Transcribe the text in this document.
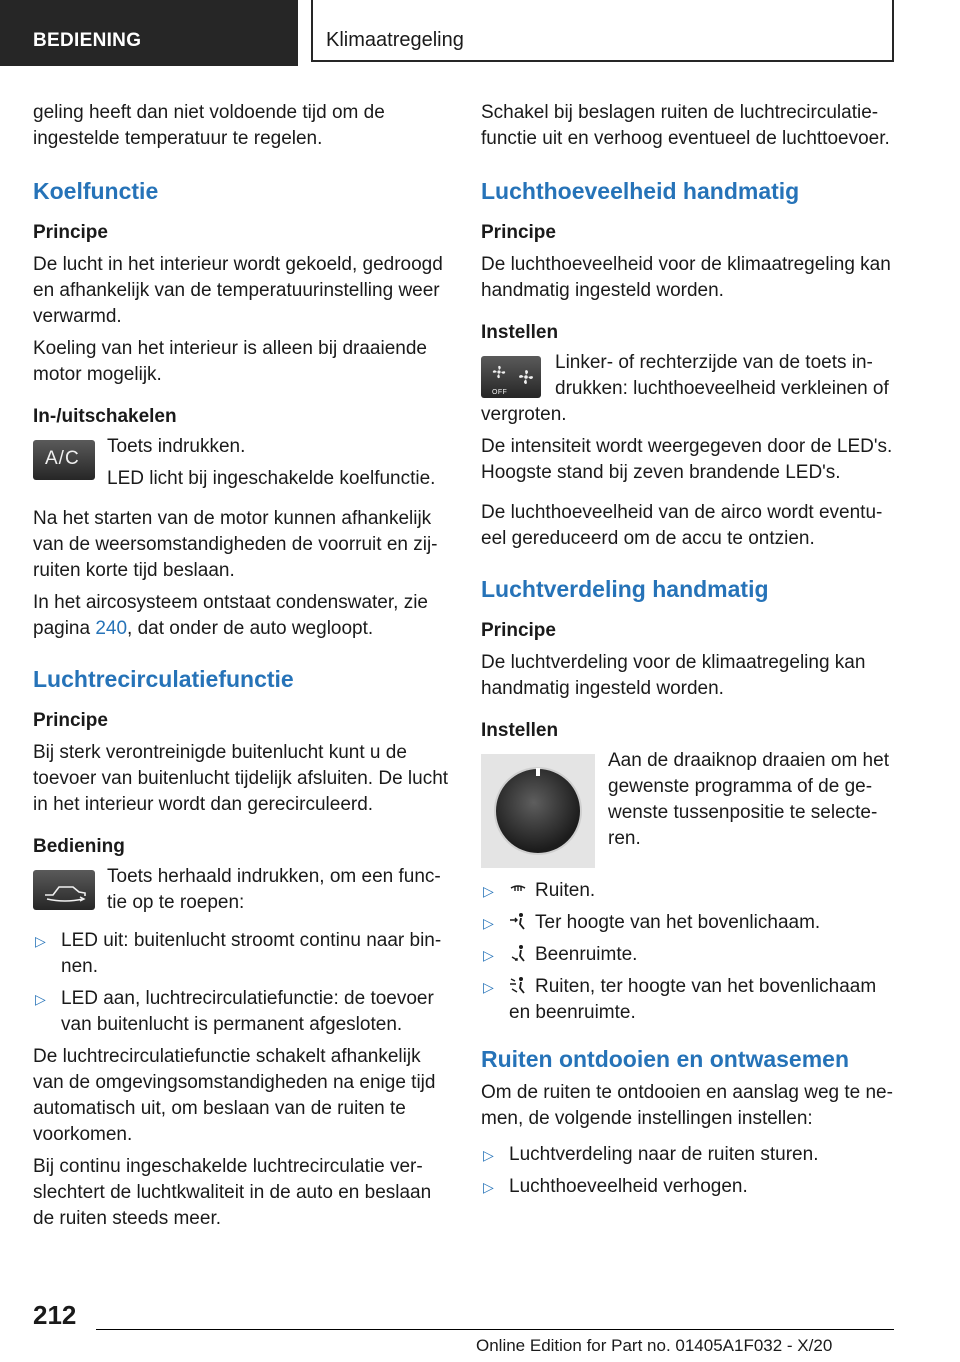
BEDIENING	Klimaatregeling

geling heeft dan niet voldoende tijd om de ingestelde temperatuur te regelen.

Koelfunctie

Principe

De lucht in het interieur wordt gekoeld, gedroogd en afhankelijk van de temperatuurinstelling weer verwarmd.

Koeling van het interieur is alleen bij draaiende motor mogelijk.

In-/uitschakelen

A/C

Toets indrukken.

LED licht bij ingeschakelde koelfunctie.

Na het starten van de motor kunnen afhankelijk van de weersomstandigheden de voorruit en zij-ruiten korte tijd beslaan.

In het aircosysteem ontstaat condenswater, zie pagina 240, dat onder de auto wegloopt.

Luchtrecirculatiefunctie

Principe

Bij sterk verontreinigde buitenlucht kunt u de toevoer van buitenlucht tijdelijk afsluiten. De lucht in het interieur wordt dan gerecirculeerd.

Bediening

Toets herhaald indrukken, om een func-tie op te roepen:

▷ LED uit: buitenlucht stroomt continu naar bin-nen.
▷ LED aan, luchtrecirculatiefunctie: de toevoer van buitenlucht is permanent afgesloten.

De luchtrecirculatiefunctie schakelt afhankelijk van de omgevingsomstandigheden na enige tijd automatisch uit, om beslaan van de ruiten te voorkomen.

Bij continu ingeschakelde luchtrecirculatie ver-slechtert de luchtkwaliteit in de auto en beslaan de ruiten steeds meer.

Schakel bij beslagen ruiten de luchtrecirculatie-functie uit en verhoog eventueel de luchttoevoer.

Luchthoeveelheid handmatig

Principe

De luchthoeveelheid voor de klimaatregeling kan handmatig ingesteld worden.

Instellen

OFF

Linker- of rechterzijde van de toets in-drukken: luchthoeveelheid verkleinen of vergroten.

De intensiteit wordt weergegeven door de LED's. Hoogste stand bij zeven brandende LED's.

De luchthoeveelheid van de airco wordt eventu-eel gereduceerd om de accu te ontzien.

Luchtverdeling handmatig

Principe

De luchtverdeling voor de klimaatregeling kan handmatig ingesteld worden.

Instellen

Aan de draaiknop draaien om het gewenste programma of de ge-wenste tussenpositie te selecte-ren.

▷ Ruiten.
▷ Ter hoogte van het bovenlichaam.
▷ Beenruimte.
▷ Ruiten, ter hoogte van het bovenlichaam en beenruimte.

Ruiten ontdooien en ontwasemen

Om de ruiten te ontdooien en aanslag weg te ne-men, de volgende instellingen instellen:

▷ Luchtverdeling naar de ruiten sturen.
▷ Luchthoeveelheid verhogen.
212
Online Edition for Part no. 01405A1F032 - X/20
